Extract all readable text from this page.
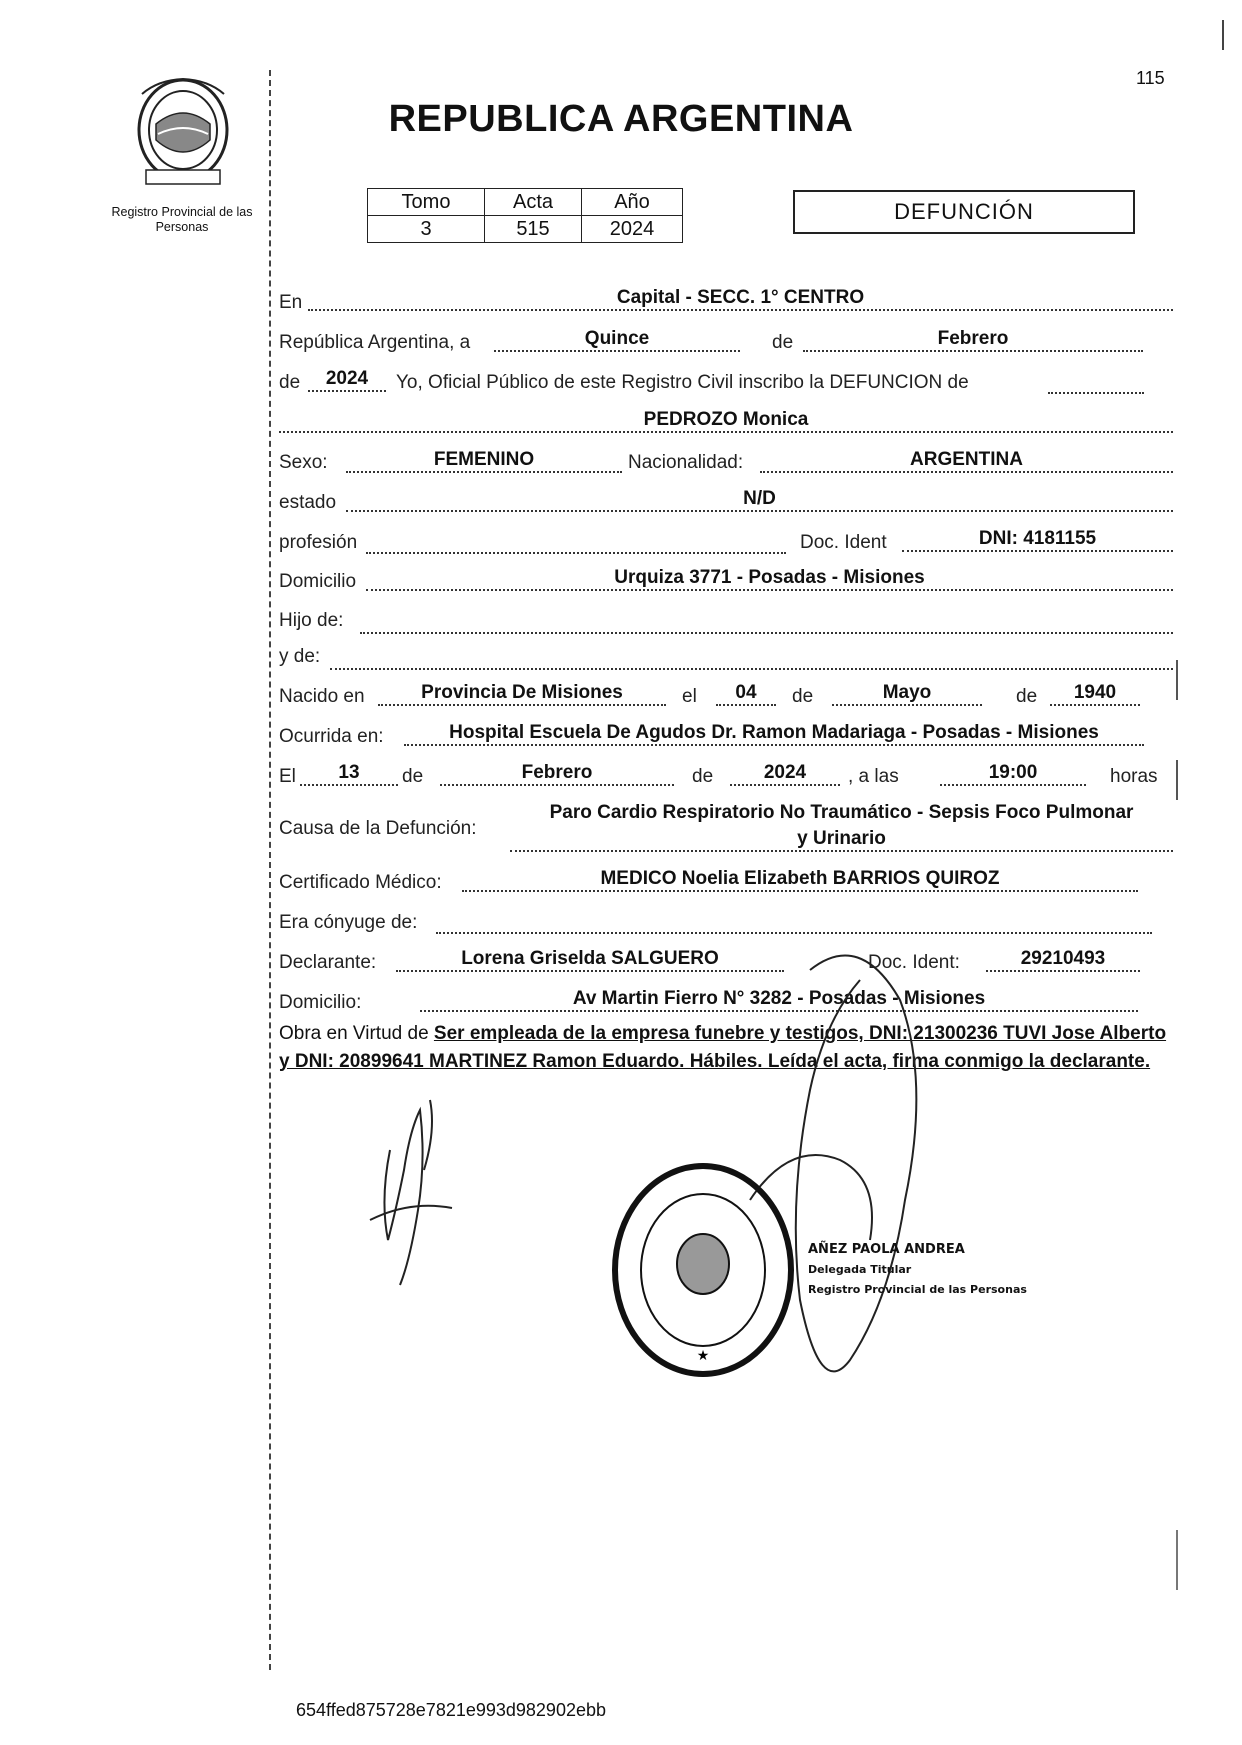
Registro Provincial de las Personas
115
REPUBLICA ARGENTINA
Tomo	Acta	Año
3	515	2024
DEFUNCIÓN
En	Capital - SECC. 1° CENTRO
República Argentina, a	Quince	de	Febrero
de	2024	Yo, Oficial Público de este Registro Civil inscribo la DEFUNCION de
PEDROZO Monica
Sexo:	FEMENINO	Nacionalidad:	ARGENTINA
estado	N/D
profesión	Doc. Ident	DNI: 4181155
Domicilio	Urquiza 3771 - Posadas - Misiones
Hijo de:
y de:
Nacido en	Provincia De Misiones	el	04	de	Mayo	de	1940
Ocurrida en:	Hospital Escuela De Agudos Dr. Ramon Madariaga - Posadas - Misiones
El	13	de	Febrero	de	2024	, a las	19:00	horas
Causa de la Defunción:
Paro Cardio Respiratorio No Traumático - Sepsis Foco Pulmonar
y Urinario
Certificado Médico:	MEDICO Noelia Elizabeth BARRIOS QUIROZ
Era cónyuge de:
Declarante:	Lorena Griselda SALGUERO	Doc. Ident:	29210493
Domicilio:	Av Martin Fierro N° 3282 - Posadas - Misiones
Obra en Virtud de Ser empleada de la empresa funebre y testigos, DNI: 21300236 TUVI Jose Alberto y DNI: 20899641 MARTINEZ Ramon Eduardo. Hábiles. Leída el acta, firma conmigo la declarante.
★
AÑEZ PAOLA ANDREA
Delegada Titular
Registro Provincial de las Personas
654ffed875728e7821e993d982902ebb
